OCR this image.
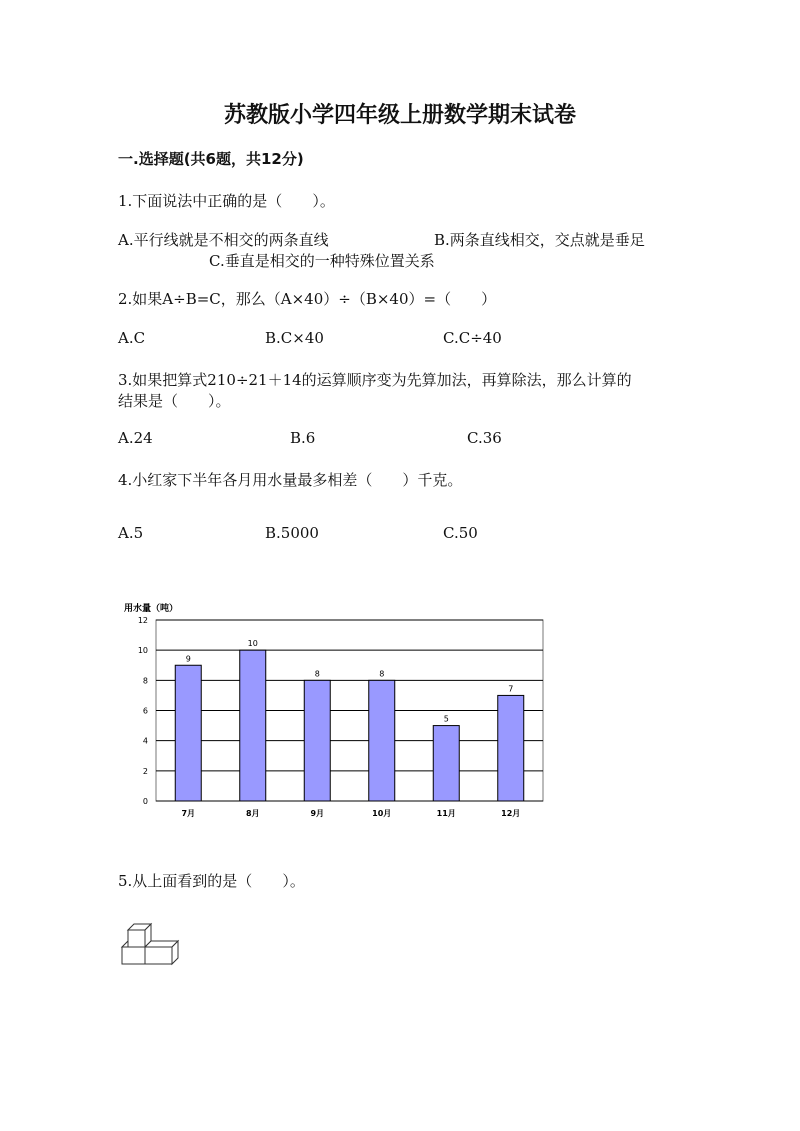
苏教版小学四年级上册数学期末试卷
一.选择题(共6题，共12分)
1.下面说法中正确的是（　　）。
A.平行线就是不相交的两条直线	B.两条直线相交，交点就是垂足
C.垂直是相交的一种特殊位置关系
2.如果A÷B=C，那么（A×40）÷（B×40）=（　　）
A.C	B.C×40	C.C÷40
3.如果把算式210÷21＋14的运算顺序变为先算加法，再算除法，那么计算的
结果是（　　）。
A.24	B.6	C.36
4.小红家下半年各月用水量最多相差（　　）千克。
A.5	B.5000	C.50
用水量（吨）
9
10
8	8
5
7
0
2
4
6
8
10
12
7月	8月	9月	10月	11月	12月
5.从上面看到的是（　　）。
